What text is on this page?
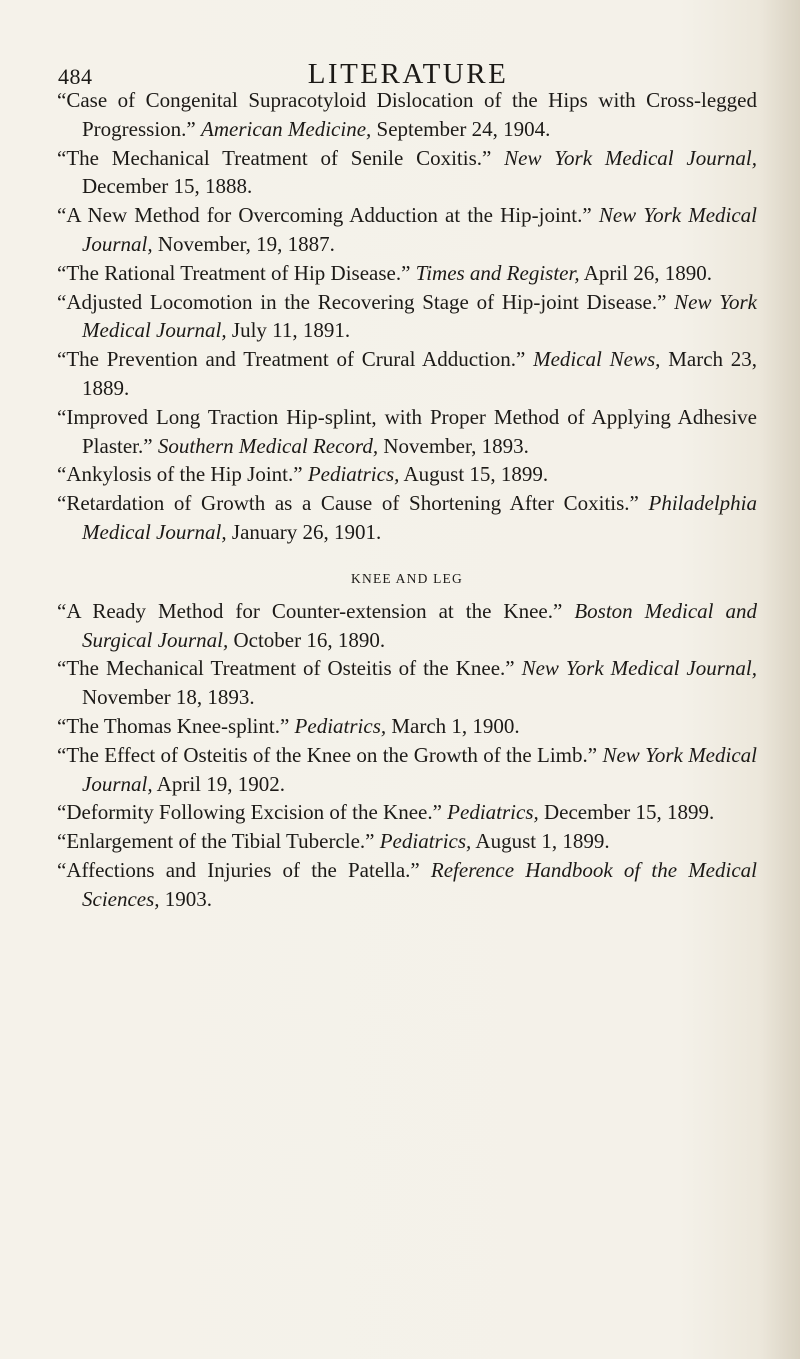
484	LITERATURE

“Case of Congenital Supracotyloid Dislocation of the Hips with Cross-legged Progression.” American Medicine, September 24, 1904.

“The Mechanical Treatment of Senile Coxitis.” New York Medical Journal, December 15, 1888.

“A New Method for Overcoming Adduction at the Hip-joint.” New York Medical Journal, November, 19, 1887.

“The Rational Treatment of Hip Disease.” Times and Register, April 26, 1890.

“Adjusted Locomotion in the Recovering Stage of Hip-joint Disease.” New York Medical Journal, July 11, 1891.

“The Prevention and Treatment of Crural Adduction.” Medical News, March 23, 1889.

“Improved Long Traction Hip-splint, with Proper Method of Applying Adhesive Plaster.” Southern Medical Record, November, 1893.

“Ankylosis of the Hip Joint.” Pediatrics, August 15, 1899.

“Retardation of Growth as a Cause of Shortening After Coxitis.” Philadelphia Medical Journal, January 26, 1901.

KNEE AND LEG

“A Ready Method for Counter-extension at the Knee.” Boston Medical and Surgical Journal, October 16, 1890.

“The Mechanical Treatment of Osteitis of the Knee.” New York Medical Journal, November 18, 1893.

“The Thomas Knee-splint.” Pediatrics, March 1, 1900.

“The Effect of Osteitis of the Knee on the Growth of the Limb.” New York Medical Journal, April 19, 1902.

“Deformity Following Excision of the Knee.” Pediatrics, December 15, 1899.

“Enlargement of the Tibial Tubercle.” Pediatrics, August 1, 1899.

“Affections and Injuries of the Patella.” Reference Handbook of the Medical Sciences, 1903.
